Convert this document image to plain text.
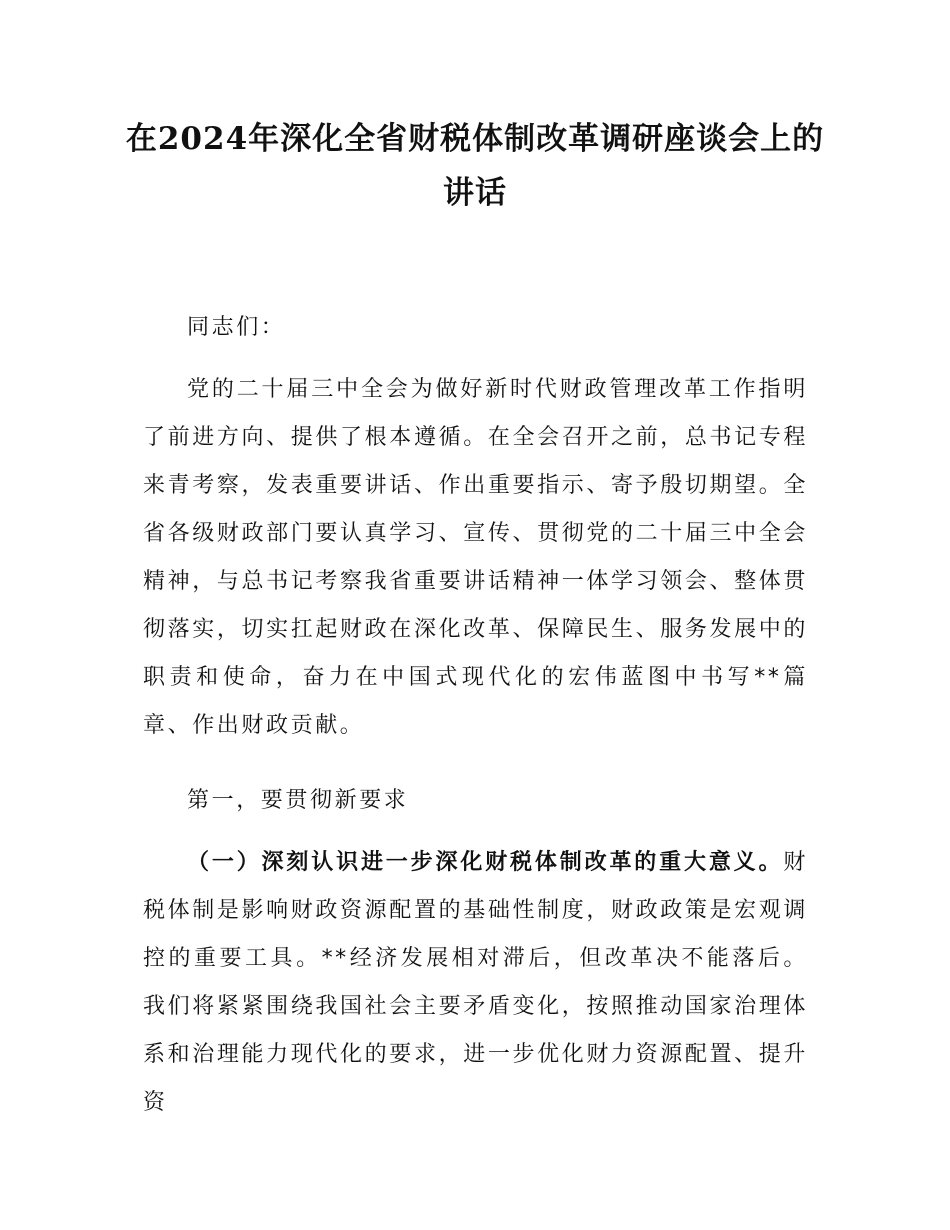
在2024年深化全省财税体制改革调研座谈会上的讲话

同志们：

党的二十届三中全会为做好新时代财政管理改革工作指明了前进方向、提供了根本遵循。在全会召开之前，总书记专程来青考察，发表重要讲话、作出重要指示、寄予殷切期望。全省各级财政部门要认真学习、宣传、贯彻党的二十届三中全会精神，与总书记考察我省重要讲话精神一体学习领会、整体贯彻落实，切实扛起财政在深化改革、保障民生、服务发展中的职责和使命，奋力在中国式现代化的宏伟蓝图中书写**篇章、作出财政贡献。

第一，要贯彻新要求

（一）深刻认识进一步深化财税体制改革的重大意义。财税体制是影响财政资源配置的基础性制度，财政政策是宏观调控的重要工具。**经济发展相对滞后，但改革决不能落后。我们将紧紧围绕我国社会主要矛盾变化，按照推动国家治理体系和治理能力现代化的要求，进一步优化财力资源配置、提升资
